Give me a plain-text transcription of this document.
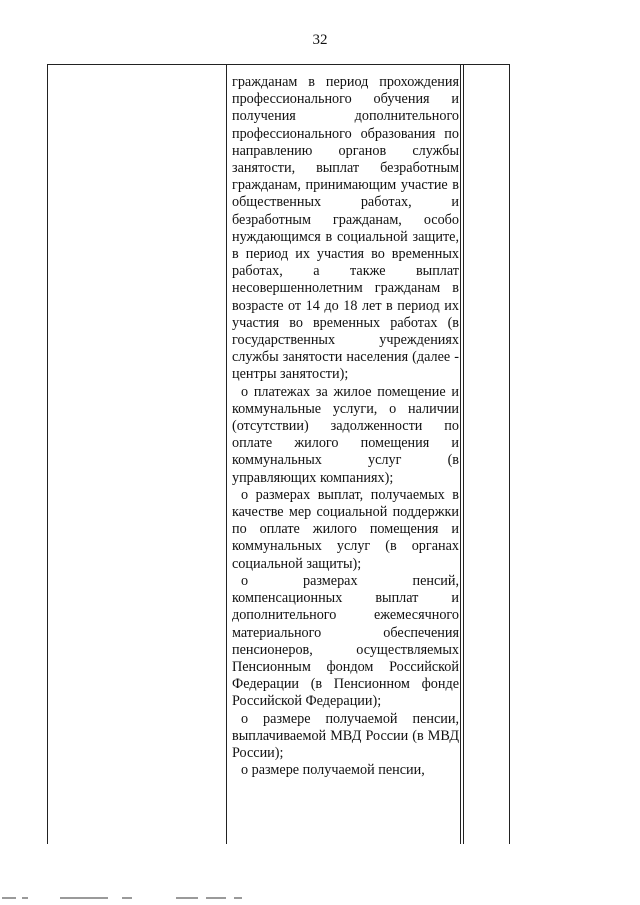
32

гражданам в период прохождения профессионального обучения и получения дополнительного профессионального образования по направлению органов службы занятости, выплат безработным гражданам, принимающим участие в общественных работах, и безработным гражданам, особо нуждающимся в социальной защите, в период их участия во временных работах, а также выплат несовершеннолетним гражданам в возрасте от 14 до 18 лет в период их участия во временных работах (в государственных учреждениях службы занятости населения (далее - центры занятости);

о платежах за жилое помещение и коммунальные услуги, о наличии (отсутствии) задолженности по оплате жилого помещения и коммунальных услуг (в управляющих компаниях);

о размерах выплат, получаемых в качестве мер социальной поддержки по оплате жилого помещения и коммунальных услуг (в органах социальной защиты);

о размерах пенсий, компенсационных выплат и дополнительного ежемесячного материального обеспечения пенсионеров, осуществляемых Пенсионным фондом Российской Федерации (в Пенсионном фонде Российской Федерации);

о размере получаемой пенсии, выплачиваемой МВД России (в МВД России);

о размере получаемой пенсии,
